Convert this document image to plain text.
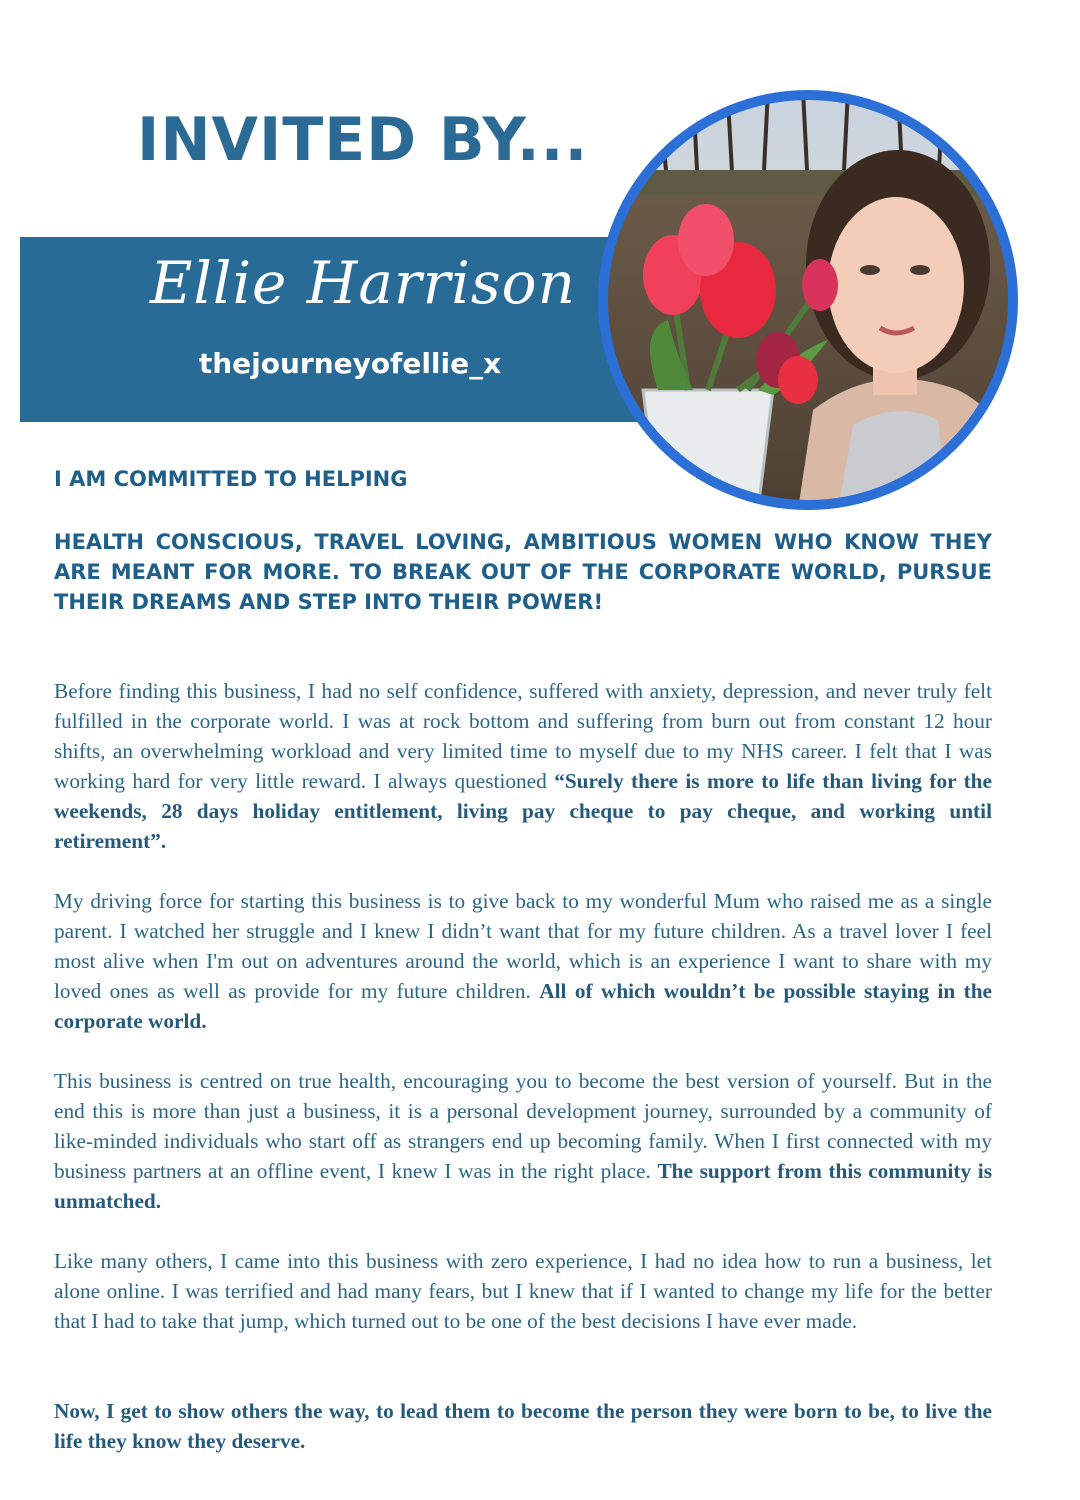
INVITED BY...
Ellie Harrison
thejourneyofellie_x
I AM COMMITTED TO HELPING
HEALTH CONSCIOUS, TRAVEL LOVING, AMBITIOUS WOMEN WHO KNOW THEY ARE MEANT FOR MORE. TO BREAK OUT OF THE CORPORATE WORLD, PURSUE THEIR DREAMS AND STEP INTO THEIR POWER!

Before finding this business, I had no self confidence, suffered with anxiety, depression, and never truly felt fulfilled in the corporate world. I was at rock bottom and suffering from burn out from constant 12 hour shifts, an overwhelming workload and very limited time to myself due to my NHS career. I felt that I was working hard for very little reward. I always questioned “Surely there is more to life than living for the weekends, 28 days holiday entitlement, living pay cheque to pay cheque, and working until retirement”.

My driving force for starting this business is to give back to my wonderful Mum who raised me as a single parent. I watched her struggle and I knew I didn’t want that for my future children. As a travel lover I feel most alive when I'm out on adventures around the world, which is an experience I want to share with my loved ones as well as provide for my future children. All of which wouldn’t be possible staying in the corporate world.

This business is centred on true health, encouraging you to become the best version of yourself. But in the end this is more than just a business, it is a personal development journey, surrounded by a community of like-minded individuals who start off as strangers end up becoming family. When I first connected with my business partners at an offline event, I knew I was in the right place. The support from this community is unmatched.

Like many others, I came into this business with zero experience, I had no idea how to run a business, let alone online. I was terrified and had many fears, but I knew that if I wanted to change my life for the better that I had to take that jump, which turned out to be one of the best decisions I have ever made.

Now, I get to show others the way, to lead them to become the person they were born to be, to live the life they know they deserve.
